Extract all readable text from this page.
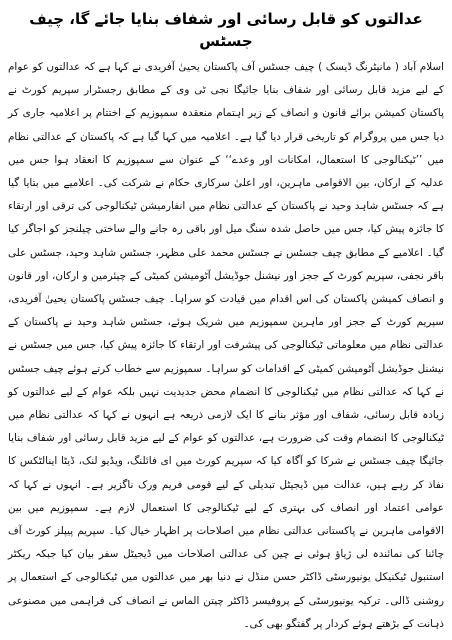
عدالتوں کو قابل رسائی اور شفاف بنایا جائے گا، چیف جسٹس

اسلام آباد ( مانیٹرنگ ڈیسک ) چیف جسٹس آف پاکستان یحییٰ آفریدی نے کہا ہے کہ عدالتوں کو عوام کے لیے مزید قابل رسائی اور شفاف بنایا جائیگا نجی ٹی وی کے مطابق رجسٹرار سپریم کورٹ نے پاکستان کمیشن برائے قانون و انصاف کے زیر اہتمام منعقدہ سمپوزیم کے اختتام پر اعلامیہ جاری کر دیا جس میں پروگرام کو تاریخی قرار دیا گیا ہے۔ اعلامیہ میں کہا گیا ہے کہ پاکستان کے عدالتی نظام میں ’’ٹیکنالوجی کا استعمال، امکانات اور وعدے‘‘ کے عنوان سے سمپوزیم کا انعقاد ہوا جس میں عدلیہ کے ارکان، بین الاقوامی ماہرین، اور اعلیٰ سرکاری حکام نے شرکت کی۔ اعلامیے میں بتایا گیا ہے کہ جسٹس شاہد وحید نے پاکستان کے عدالتی نظام میں انفارمیشن ٹیکنالوجی کی ترقی اور ارتقاء کا جائزہ پیش کیا، جس میں حاصل شدہ سنگ میل اور باقی رہ جانے والے ساختی چیلنجز کو اجاگر کیا گیا۔ اعلامیے کے مطابق چیف جسٹس نے جسٹس محمد علی مظہر، جسٹس شاہد وحید، جسٹس علی باقر نجفی، سپریم کورٹ کے ججز اور نیشنل جوڈیشل آٹومیشن کمیٹی کے چیئرمین و ارکان، اور قانون و انصاف کمیشن پاکستان کی اس اقدام میں قیادت کو سراہا۔ چیف جسٹس پاکستان یحییٰ آفریدی، سپریم کورٹ کے ججز اور ماہرین سمپوزیم میں شریک ہوئے، جسٹس شاہد وحید نے پاکستان کے عدالتی نظام میں معلوماتی ٹیکنالوجی کی پیشرفت اور ارتقاء کا جائزہ پیش کیا، جس میں جسٹس نے نیشنل جوڈیشل آٹومیشن کمیٹی کے اقدامات کو سراہا۔ سمپوزیم سے خطاب کرتے ہوئے چیف جسٹس نے کہا کہ عدالتی نظام میں ٹیکنالوجی کا انضمام محض جدیدیت نہیں بلکہ عوام کے لیے عدالتوں کو زیادہ قابل رسائی، شفاف اور مؤثر بنانے کا ایک لازمی ذریعہ ہے انہوں نے کہا کہ عدالتی نظام میں ٹیکنالوجی کا انضمام وقت کی ضرورت ہے، عدالتوں کو عوام کے لیے مزید قابل رسائی اور شفاف بنایا جائیگا چیف جسٹس نے شرکا کو آگاہ کیا کہ سپریم کورٹ میں ای فائلنگ، ویڈیو لنک، ڈیٹا اینالٹکس کا نفاذ کر رہے ہیں، عدالت میں ڈیجیٹل تبدیلی کے لیے قومی فریم ورک ناگزیر ہے۔ انہوں نے کہا کہ عوامی اعتماد اور انصاف کی بہتری کے لیے ٹیکنالوجی کا استعمال لازم ہے۔ سمپوزیم میں بین الاقوامی ماہرین نے پاکستانی عدالتی نظام میں اصلاحات پر اظہار خیال کیا۔ سپریم پیپلز کورٹ آف چائنا کی نمائندہ لی ژیاؤ ہوئی نے چین کی عدالتی اصلاحات میں ڈیجیٹل سفر بیان کیا جبکہ ریکٹر استنبول ٹیکنیکل یونیورسٹی ڈاکٹر حسن منڈل نے دنیا بھر میں عدالتوں میں ٹیکنالوجی کے استعمال پر روشنی ڈالی۔ ترکیہ یونیورسٹی کے پروفیسر ڈاکٹر چیتن الماس نے انصاف کی فراہمی میں مصنوعی ذہانت کے بڑھتے ہوئے کردار پر گفتگو بھی کی۔
